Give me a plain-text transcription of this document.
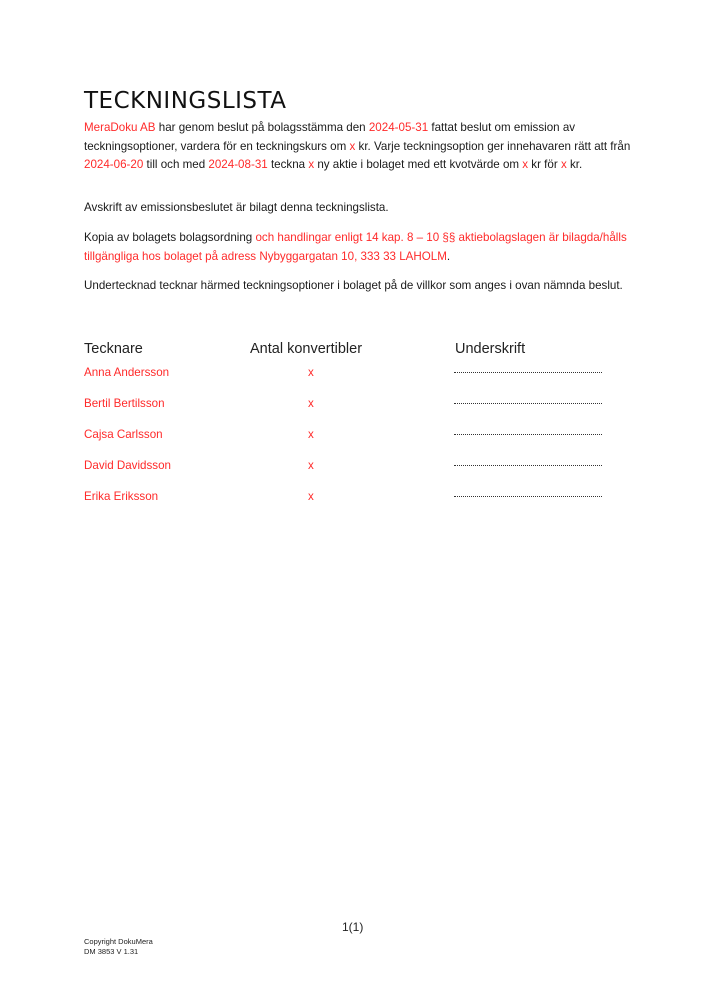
TECKNINGSLISTA

MeraDoku AB har genom beslut på bolagsstämma den 2024-05-31 fattat beslut om emission av teckningsoptioner, vardera för en teckningskurs om x kr. Varje teckningsoption ger innehavaren rätt att från 2024-06-20 till och med 2024-08-31 teckna x ny aktie i bolaget med ett kvotvärde om x kr för x kr.

Avskrift av emissionsbeslutet är bilagt denna teckningslista.

Kopia av bolagets bolagsordning och handlingar enligt 14 kap. 8 – 10 §§ aktiebolagslagen är bilagda/hålls tillgängliga hos bolaget på adress Nybyggargatan 10, 333 33 LAHOLM.

Undertecknad tecknar härmed teckningsoptioner i bolaget på de villkor som anges i ovan nämnda beslut.

Tecknare	Antal konvertibler	Underskrift
Anna Andersson	x
Bertil Bertilsson	x
Cajsa Carlsson	x
David Davidsson	x
Erika Eriksson	x
1(1)
Copyright DokuMera
DM 3853 V 1.31
